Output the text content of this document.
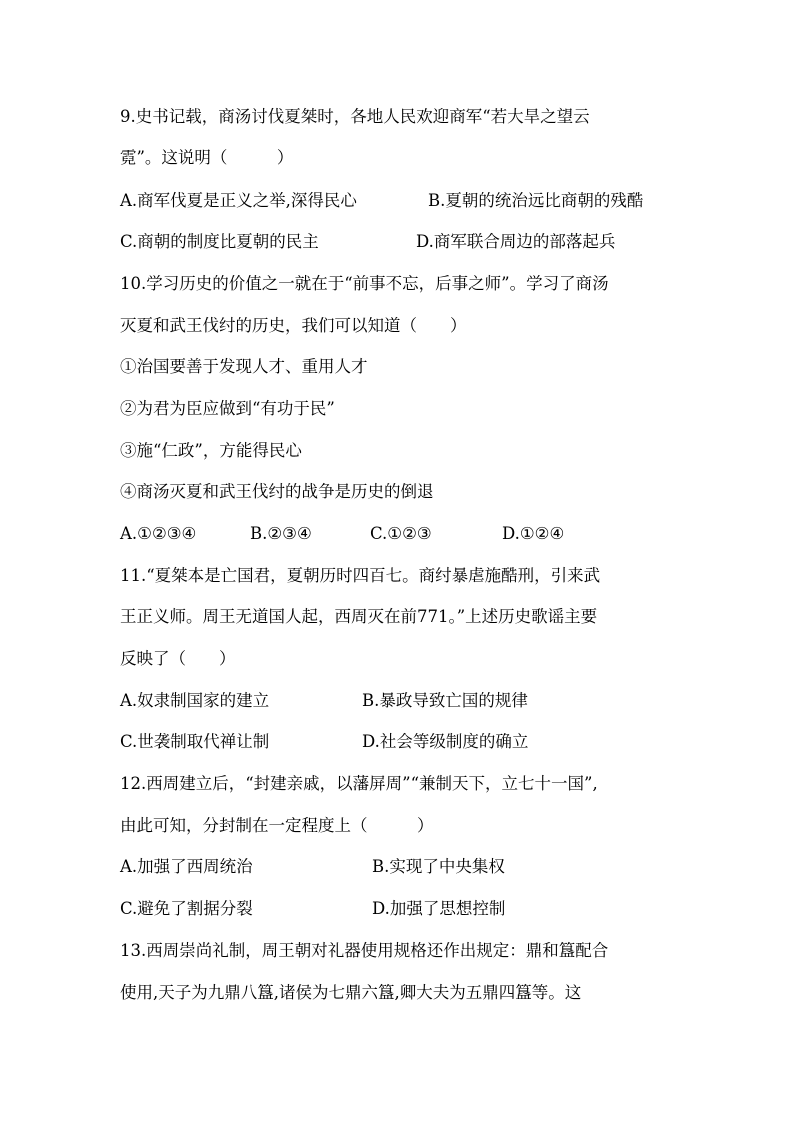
9.史书记载，商汤讨伐夏桀时，各地人民欢迎商军“若大旱之望云
霓”。这说明（　　　）
A.商军伐夏是正义之举,深得民心	B.夏朝的统治远比商朝的残酷
C.商朝的制度比夏朝的民主	D.商军联合周边的部落起兵
10.学习历史的价值之一就在于“前事不忘，后事之师”。学习了商汤
灭夏和武王伐纣的历史，我们可以知道（　　）
①治国要善于发现人才、重用人才
②为君为臣应做到“有功于民”
③施“仁政”，方能得民心
④商汤灭夏和武王伐纣的战争是历史的倒退
A.①②③④	B.②③④	C.①②③	D.①②④
11.“夏桀本是亡国君，夏朝历时四百七。商纣暴虐施酷刑，引来武
王正义师。周王无道国人起，西周灭在前771。”上述历史歌谣主要
反映了（　　）
A.奴隶制国家的建立	B.暴政导致亡国的规律
C.世袭制取代禅让制	D.社会等级制度的确立
12.西周建立后，“封建亲戚，以藩屏周”“兼制天下，立七十一国”,
由此可知，分封制在一定程度上（　　　）
A.加强了西周统治	B.实现了中央集权
C.避免了割据分裂	D.加强了思想控制
13.西周崇尚礼制，周王朝对礼器使用规格还作出规定：鼎和簋配合
使用,天子为九鼎八簋,诸侯为七鼎六簋,卿大夫为五鼎四簋等。这
